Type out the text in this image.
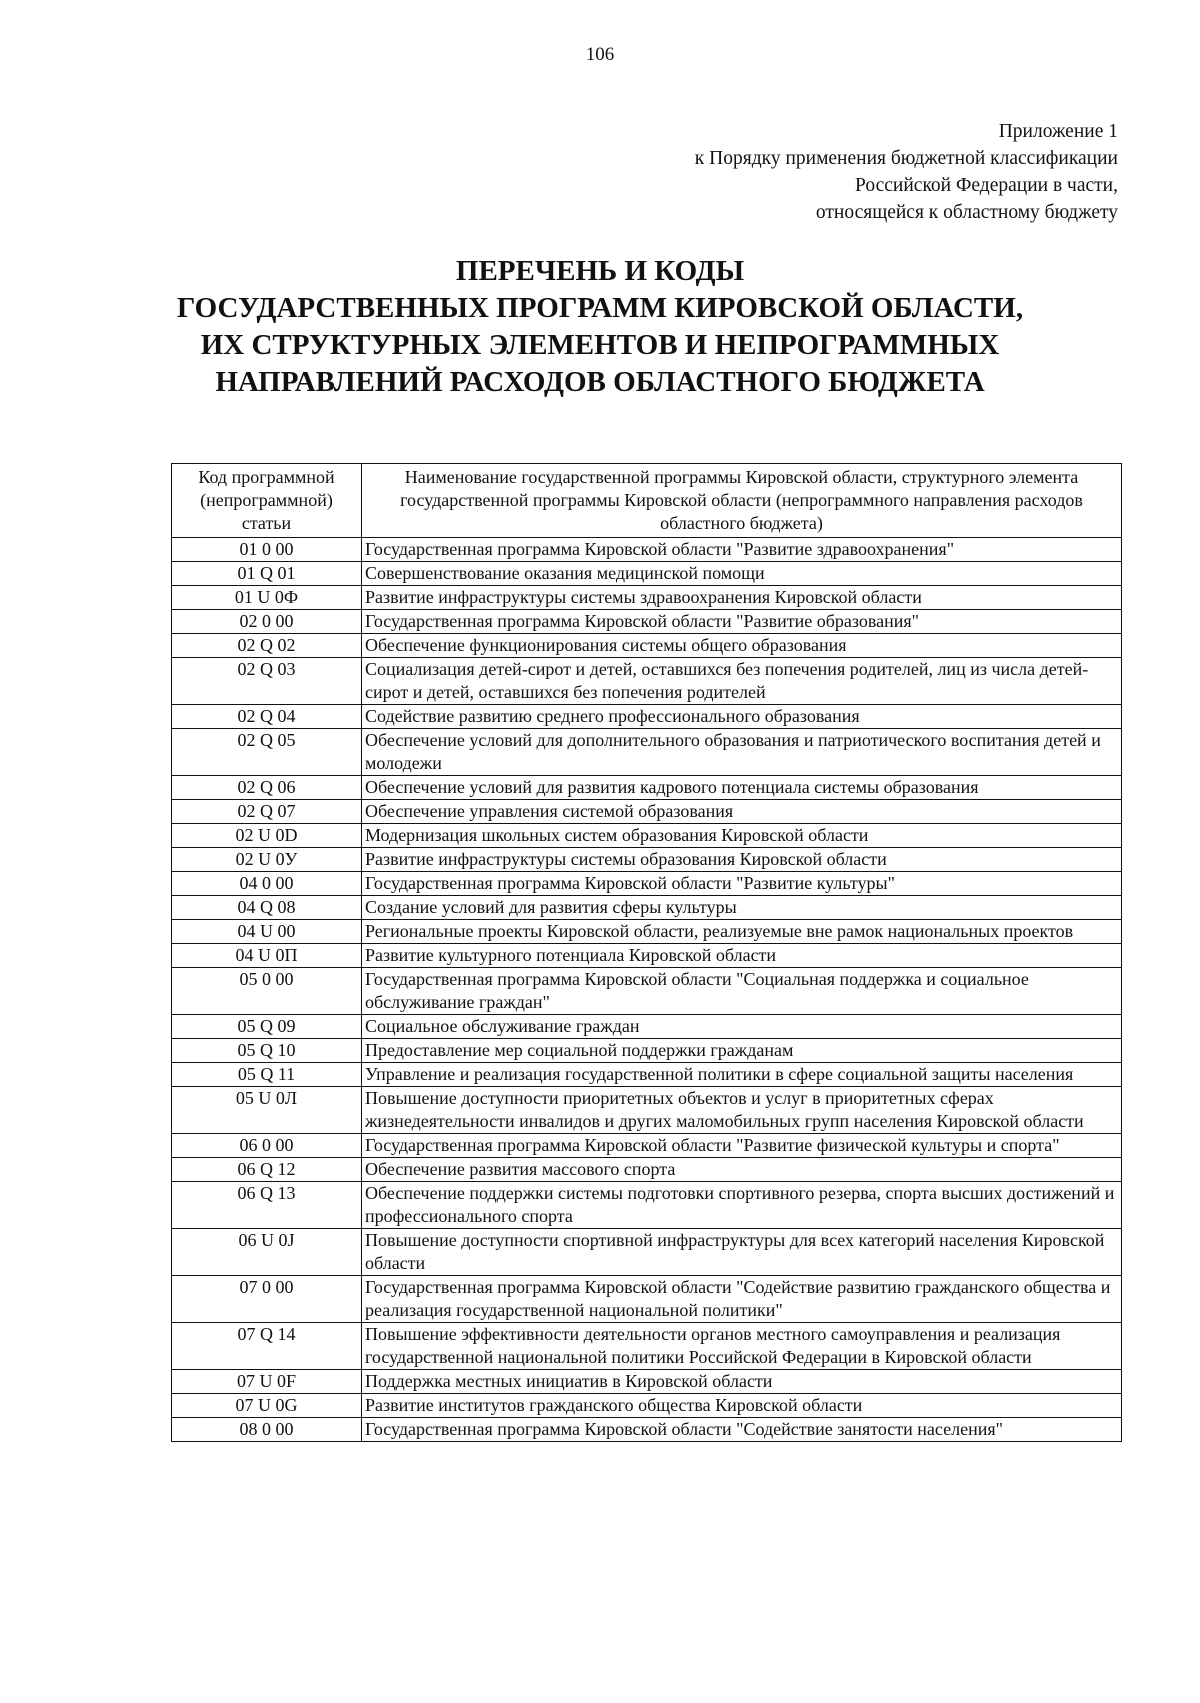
106
Приложение 1
к Порядку применения бюджетной классификации
Российской Федерации в части,
относящейся к областному бюджету
ПЕРЕЧЕНЬ И КОДЫ
ГОСУДАРСТВЕННЫХ ПРОГРАММ КИРОВСКОЙ ОБЛАСТИ,
ИХ СТРУКТУРНЫХ ЭЛЕМЕНТОВ И НЕПРОГРАММНЫХ
НАПРАВЛЕНИЙ РАСХОДОВ ОБЛАСТНОГО БЮДЖЕТА
Код программной (непрограммной) статьи	Наименование государственной программы Кировской области, структурного элемента государственной программы Кировской области (непрограммного направления расходов областного бюджета)
01 0 00	Государственная программа Кировской области "Развитие здравоохранения"
01 Q 01	Совершенствование оказания медицинской помощи
01 U 0Ф	Развитие инфраструктуры системы здравоохранения Кировской области
02 0 00	Государственная программа Кировской области "Развитие образования"
02 Q 02	Обеспечение функционирования системы общего образования
02 Q 03	Социализация детей-сирот и детей, оставшихся без попечения родителей, лиц из числа детей-сирот и детей, оставшихся без попечения родителей
02 Q 04	Содействие развитию среднего профессионального образования
02 Q 05	Обеспечение условий для дополнительного образования и патриотического воспитания детей и молодежи
02 Q 06	Обеспечение условий для развития кадрового потенциала системы образования
02 Q 07	Обеспечение управления системой образования
02 U 0D	Модернизация школьных систем образования Кировской области
02 U 0У	Развитие инфраструктуры системы образования Кировской области
04 0 00	Государственная программа Кировской области "Развитие культуры"
04 Q 08	Создание условий для развития сферы культуры
04 U 00	Региональные проекты Кировской области, реализуемые вне рамок национальных проектов
04 U 0П	Развитие культурного потенциала Кировской области
05 0 00	Государственная программа Кировской области "Социальная поддержка и социальное обслуживание граждан"
05 Q 09	Социальное обслуживание граждан
05 Q 10	Предоставление мер социальной поддержки гражданам
05 Q 11	Управление и реализация государственной политики в сфере социальной защиты населения
05 U 0Л	Повышение доступности приоритетных объектов и услуг в приоритетных сферах жизнедеятельности инвалидов и других маломобильных групп населения Кировской области
06 0 00	Государственная программа Кировской области "Развитие физической культуры и спорта"
06 Q 12	Обеспечение развития массового спорта
06 Q 13	Обеспечение поддержки системы подготовки спортивного резерва, спорта высших достижений и профессионального спорта
06 U 0J	Повышение доступности спортивной инфраструктуры для всех категорий населения Кировской области
07 0 00	Государственная программа Кировской области "Содействие развитию гражданского общества и реализация государственной национальной политики"
07 Q 14	Повышение эффективности деятельности органов местного самоуправления и реализация государственной национальной политики Российской Федерации в Кировской области
07 U 0F	Поддержка местных инициатив в Кировской области
07 U 0G	Развитие институтов гражданского общества Кировской области
08 0 00	Государственная программа Кировской области "Содействие занятости населения"
